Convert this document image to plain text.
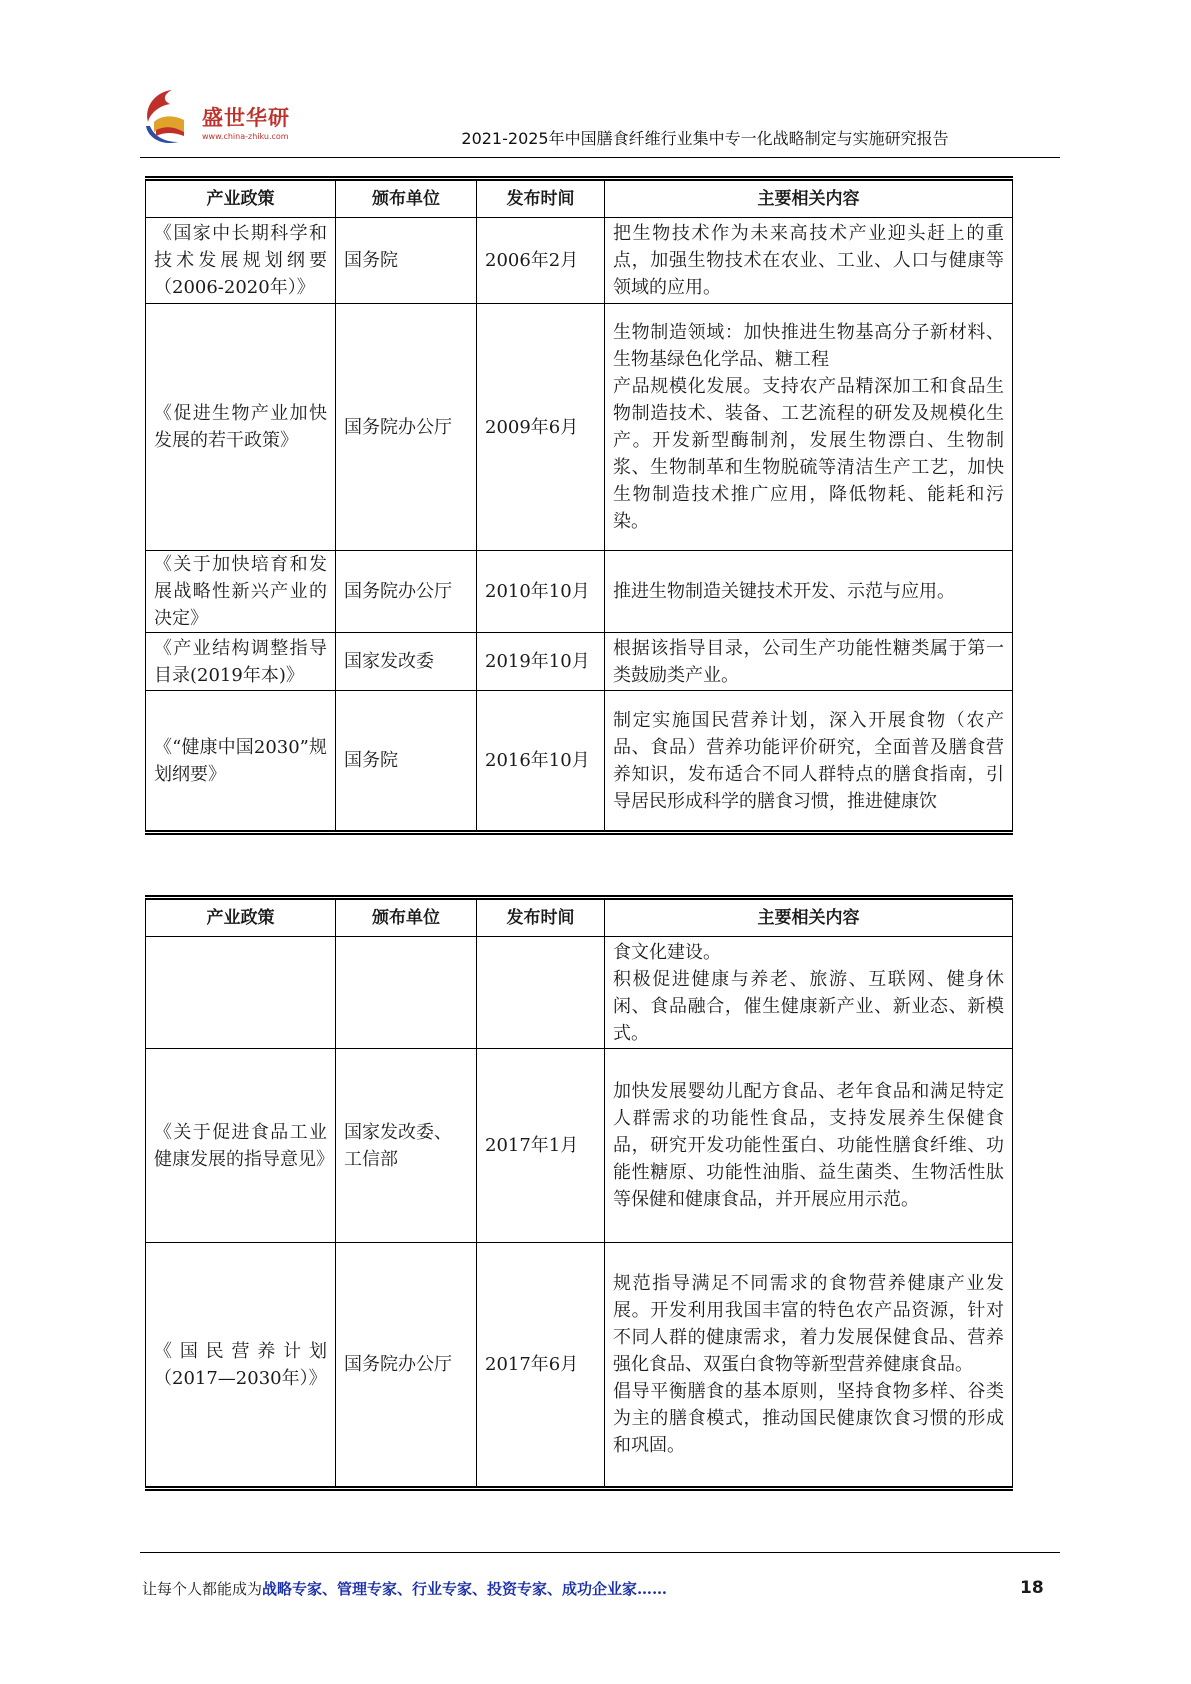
盛世华研
www.china-zhiku.com	2021-2025年中国膳食纤维行业集中专一化战略制定与实施研究报告
产业政策	颁布单位	发布时间	主要相关内容
《国家中长期科学和技术发展规划纲要（2006-2020年）》	国务院	2006年2月	把生物技术作为未来高技术产业迎头赶上的重点，加强生物技术在农业、工业、人口与健康等领域的应用。

《促进生物产业加快发展的若干政策》	国务院办公厅	2009年6月	生物制造领域：加快推进生物基高分子新材料、生物基绿色化学品、糖工程
产品规模化发展。支持农产品精深加工和食品生物制造技术、装备、工艺流程的研发及规模化生产。开发新型酶制剂，发展生物漂白、生物制浆、生物制革和生物脱硫等清洁生产工艺，加快生物制造技术推广应用，降低物耗、能耗和污染。

《关于加快培育和发展战略性新兴产业的决定》	国务院办公厅	2010年10月	推进生物制造关键技术开发、示范与应用。

《产业结构调整指导目录(2019年本)》	国家发改委	2019年10月	根据该指导目录，公司生产功能性糖类属于第一类鼓励类产业。

《“健康中国2030”规划纲要》	国务院	2016年10月	制定实施国民营养计划，深入开展食物（农产品、食品）营养功能评价研究，全面普及膳食营养知识，发布适合不同人群特点的膳食指南，引导居民形成科学的膳食习惯，推进健康饮
产业政策	颁布单位	发布时间	主要相关内容

			食文化建设。
积极促进健康与养老、旅游、互联网、健身休闲、食品融合，催生健康新产业、新业态、新模式。

《关于促进食品工业健康发展的指导意见》	国家发改委、工信部	2017年1月	加快发展婴幼儿配方食品、老年食品和满足特定人群需求的功能性食品，支持发展养生保健食品，研究开发功能性蛋白、功能性膳食纤维、功能性糖原、功能性油脂、益生菌类、生物活性肽等保健和健康食品，并开展应用示范。

《国民营养计划（2017—2030年）》	国务院办公厅	2017年6月	规范指导满足不同需求的食物营养健康产业发展。开发利用我国丰富的特色农产品资源，针对不同人群的健康需求，着力发展保健食品、营养强化食品、双蛋白食物等新型营养健康食品。
倡导平衡膳食的基本原则，坚持食物多样、谷类为主的膳食模式，推动国民健康饮食习惯的形成和巩固。
让每个人都能成为战略专家、管理专家、行业专家、投资专家、成功企业家……	18
